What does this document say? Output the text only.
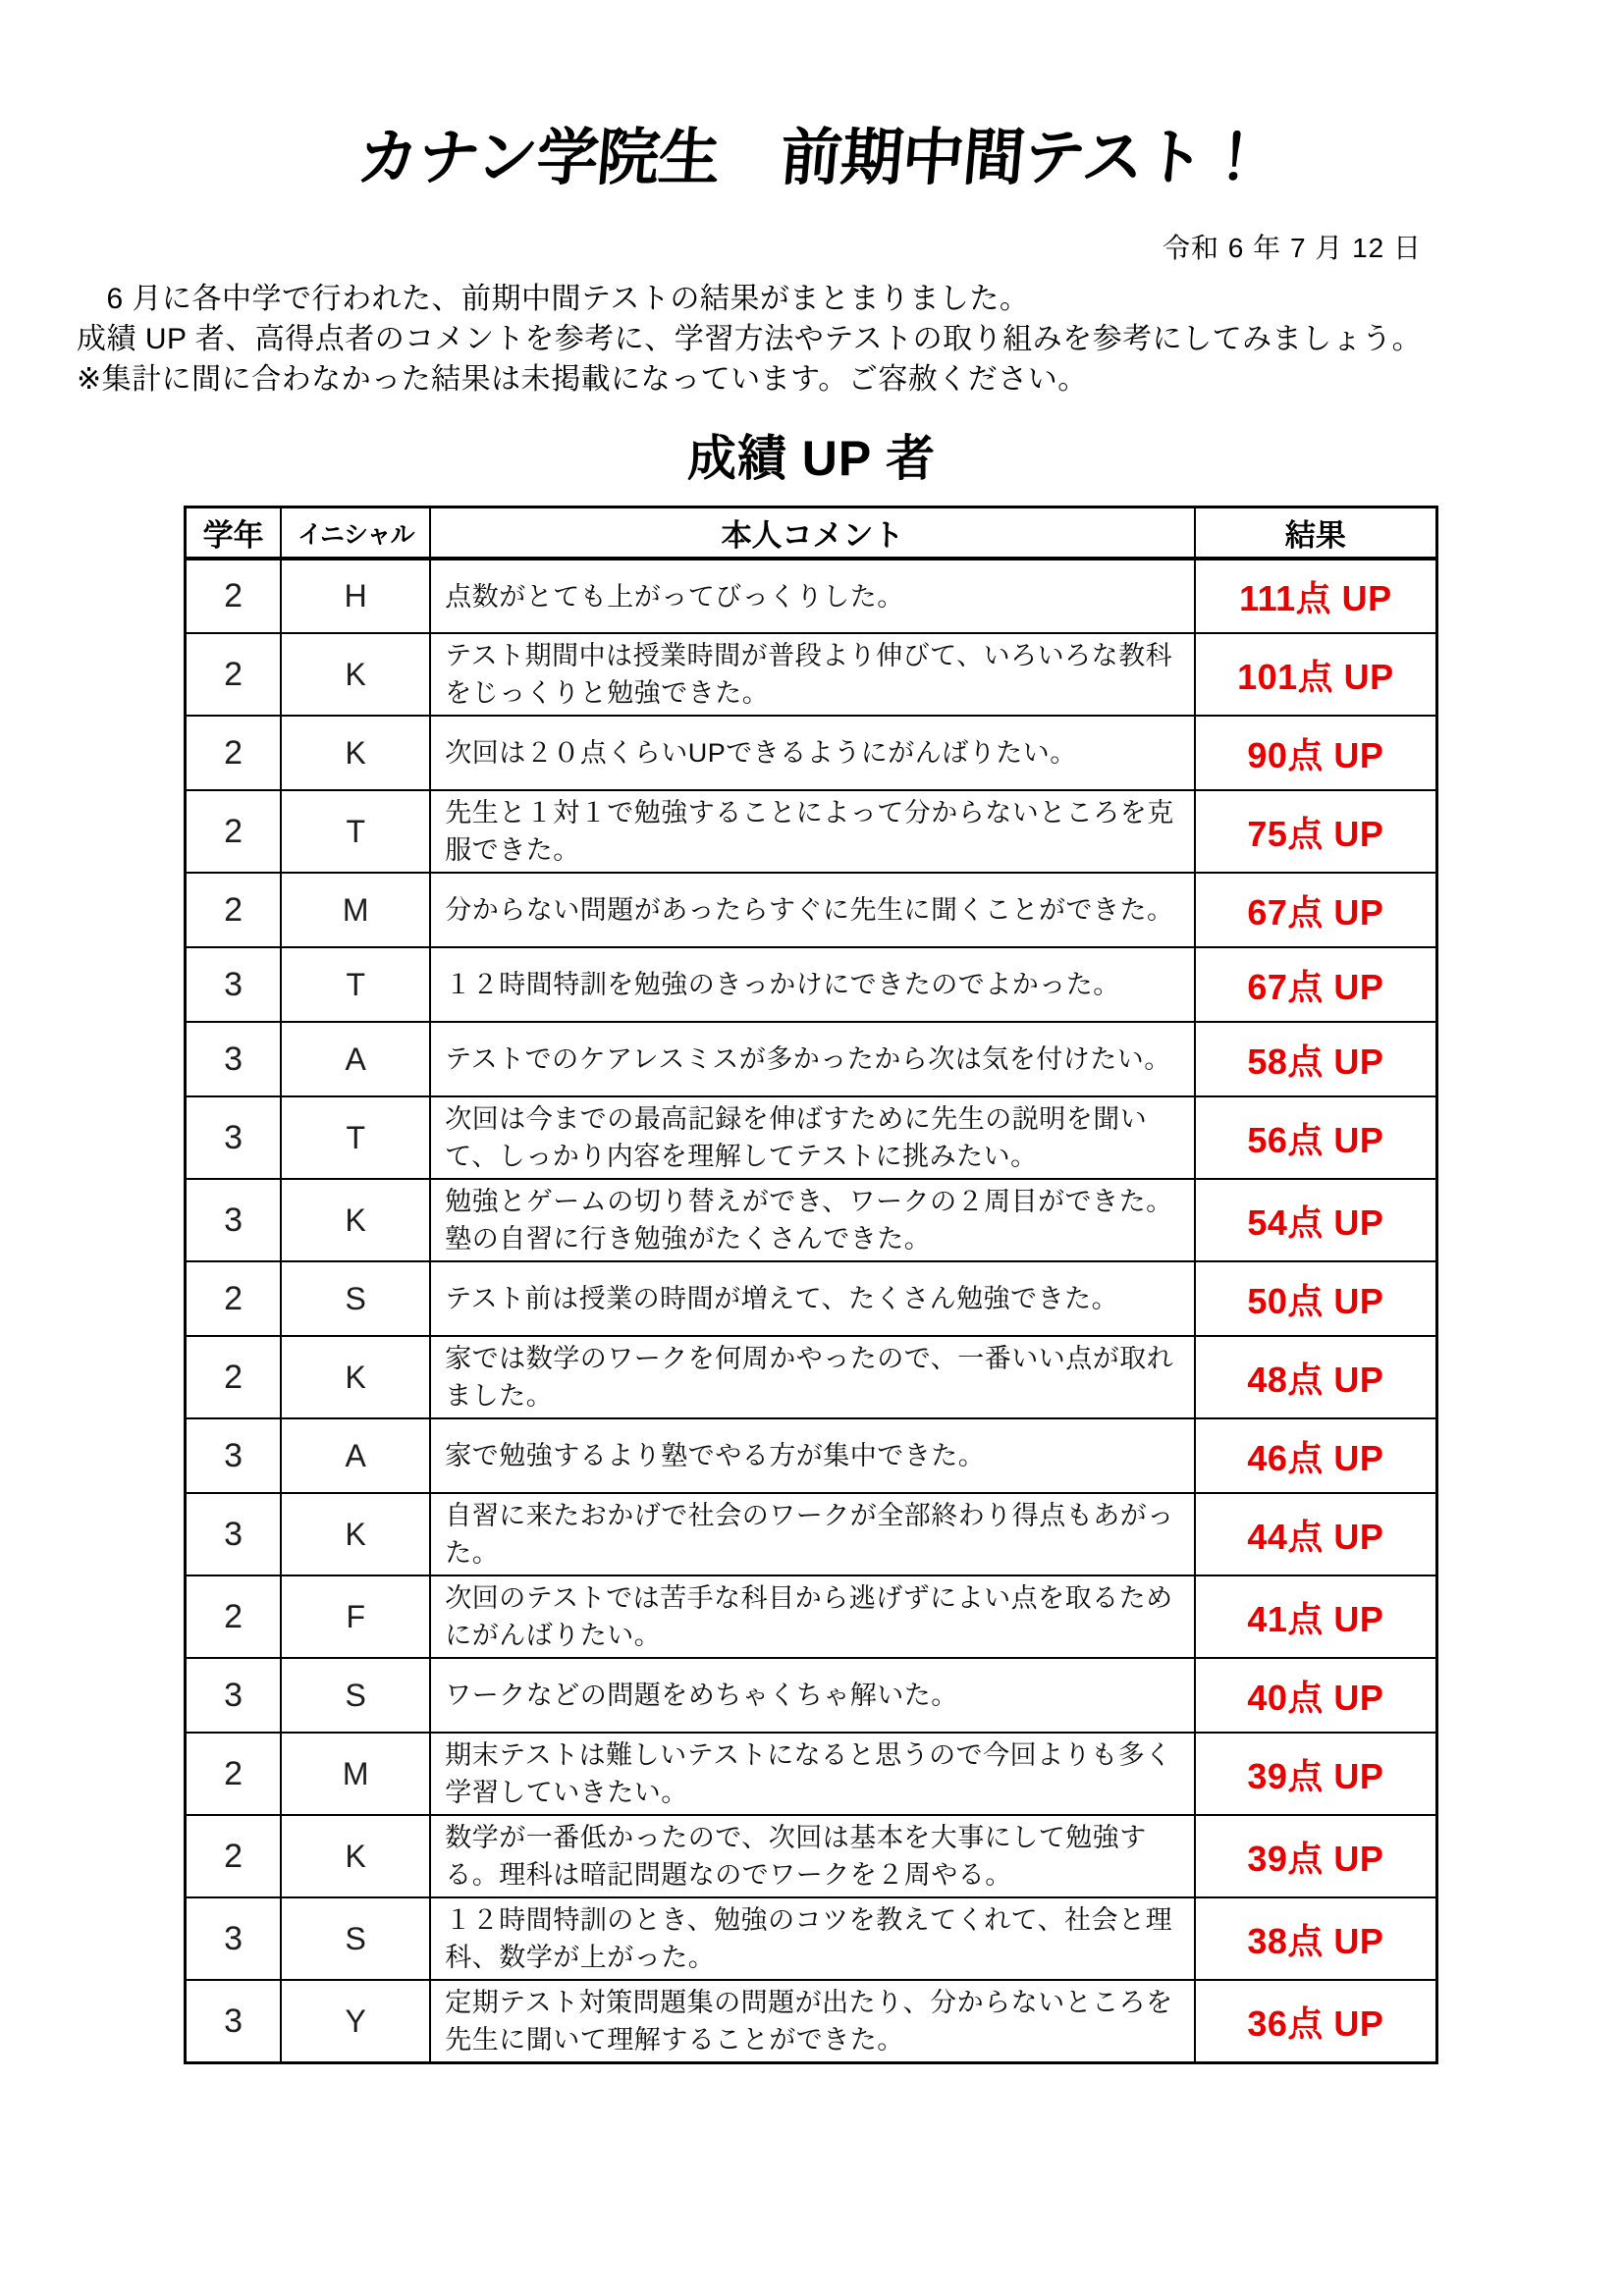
カナン学院生　前期中間テスト！
令和 6 年 7 月 12 日

　6 月に各中学で行われた、前期中間テストの結果がまとまりました。

成績 UP 者、高得点者のコメントを参考に、学習方法やテストの取り組みを参考にしてみましょう。

※集計に間に合わなかった結果は未掲載になっています。ご容赦ください。

成績 UP 者
学年	イニシャル	本人コメント	結果
2	H	点数がとても上がってびっくりした。	111点 UP
2	K	テスト期間中は授業時間が普段より伸びて、いろいろな教科をじっくりと勉強できた。	101点 UP
2	K	次回は２０点くらいUPできるようにがんばりたい。	90点 UP
2	T	先生と１対１で勉強することによって分からないところを克服できた。	75点 UP
2	M	分からない問題があったらすぐに先生に聞くことができた。	67点 UP
3	T	１２時間特訓を勉強のきっかけにできたのでよかった。	67点 UP
3	A	テストでのケアレスミスが多かったから次は気を付けたい。	58点 UP
3	T	次回は今までの最高記録を伸ばすために先生の説明を聞いて、しっかり内容を理解してテストに挑みたい。	56点 UP
3	K	勉強とゲームの切り替えができ、ワークの２周目ができた。塾の自習に行き勉強がたくさんできた。	54点 UP
2	S	テスト前は授業の時間が増えて、たくさん勉強できた。	50点 UP
2	K	家では数学のワークを何周かやったので、一番いい点が取れました。	48点 UP
3	A	家で勉強するより塾でやる方が集中できた。	46点 UP
3	K	自習に来たおかげで社会のワークが全部終わり得点もあがった。	44点 UP
2	F	次回のテストでは苦手な科目から逃げずによい点を取るためにがんばりたい。	41点 UP
3	S	ワークなどの問題をめちゃくちゃ解いた。	40点 UP
2	M	期末テストは難しいテストになると思うので今回よりも多く学習していきたい。	39点 UP
2	K	数学が一番低かったので、次回は基本を大事にして勉強する。理科は暗記問題なのでワークを２周やる。	39点 UP
3	S	１２時間特訓のとき、勉強のコツを教えてくれて、社会と理科、数学が上がった。	38点 UP
3	Y	定期テスト対策問題集の問題が出たり、分からないところを先生に聞いて理解することができた。	36点 UP
